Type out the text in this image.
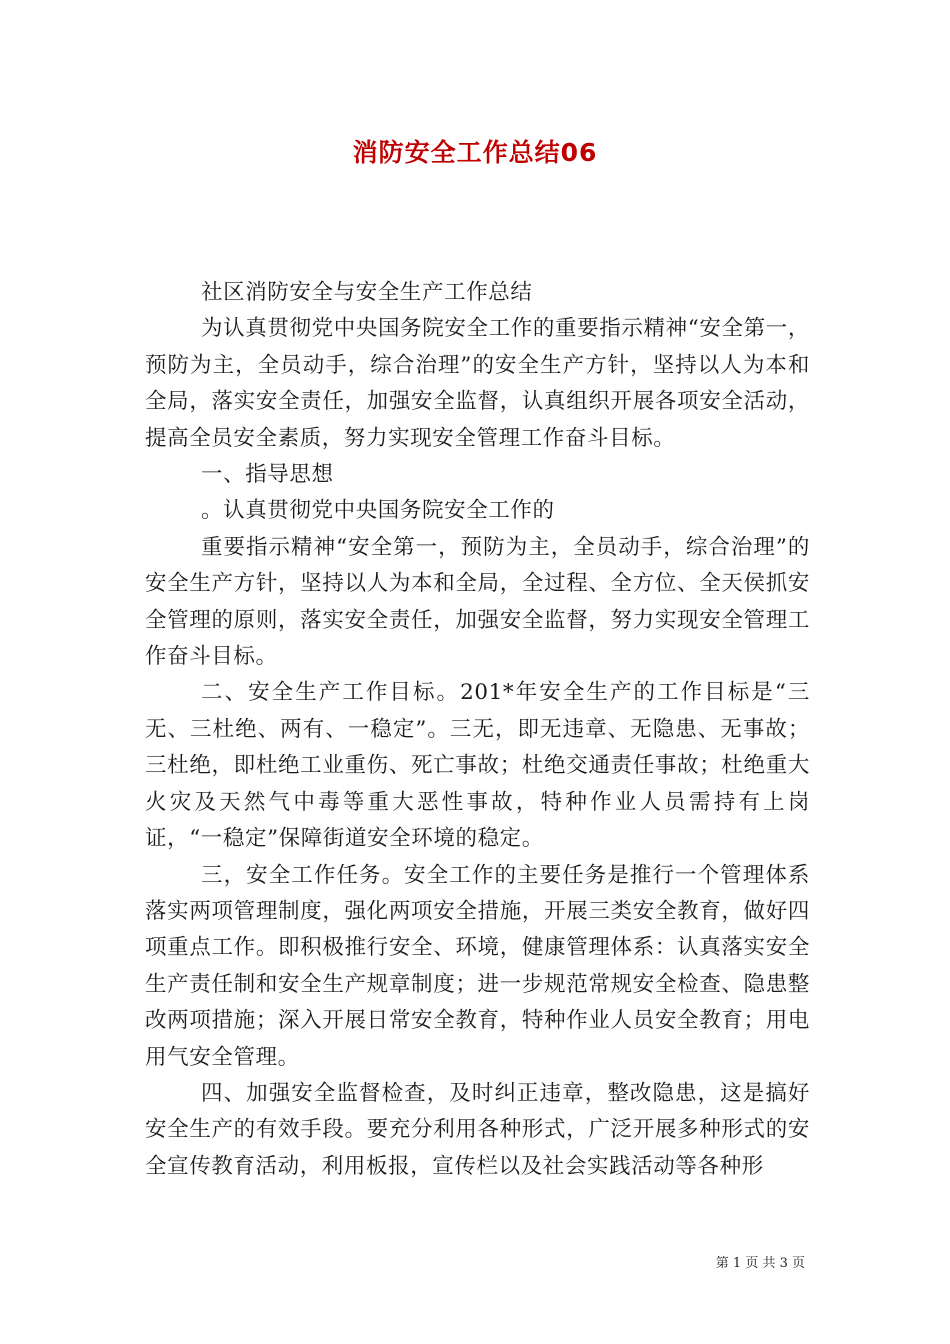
消防安全工作总结06

社区消防安全与安全生产工作总结

为认真贯彻党中央国务院安全工作的重要指示精神“安全第一，预防为主，全员动手，综合治理”的安全生产方针，坚持以人为本和全局，落实安全责任，加强安全监督，认真组织开展各项安全活动，提高全员安全素质，努力实现安全管理工作奋斗目标。

一、指导思想

。认真贯彻党中央国务院安全工作的

重要指示精神“安全第一，预防为主，全员动手，综合治理”的安全生产方针，坚持以人为本和全局，全过程、全方位、全天侯抓安全管理的原则，落实安全责任，加强安全监督，努力实现安全管理工作奋斗目标。

二、安全生产工作目标。201*年安全生产的工作目标是“三无、三杜绝、两有、一稳定”。三无，即无违章、无隐患、无事故；三杜绝，即杜绝工业重伤、死亡事故；杜绝交通责任事故；杜绝重大火灾及天然气中毒等重大恶性事故，特种作业人员需持有上岗证，“一稳定”保障街道安全环境的稳定。

三，安全工作任务。安全工作的主要任务是推行一个管理体系落实两项管理制度，强化两项安全措施，开展三类安全教育，做好四项重点工作。即积极推行安全、环境，健康管理体系：认真落实安全生产责任制和安全生产规章制度；进一步规范常规安全检查、隐患整改两项措施；深入开展日常安全教育，特种作业人员安全教育；用电用气安全管理。

四、加强安全监督检查，及时纠正违章，整改隐患，这是搞好安全生产的有效手段。要充分利用各种形式，广泛开展多种形式的安全宣传教育活动，利用板报，宣传栏以及社会实践活动等各种形

第 1 页 共 3 页
